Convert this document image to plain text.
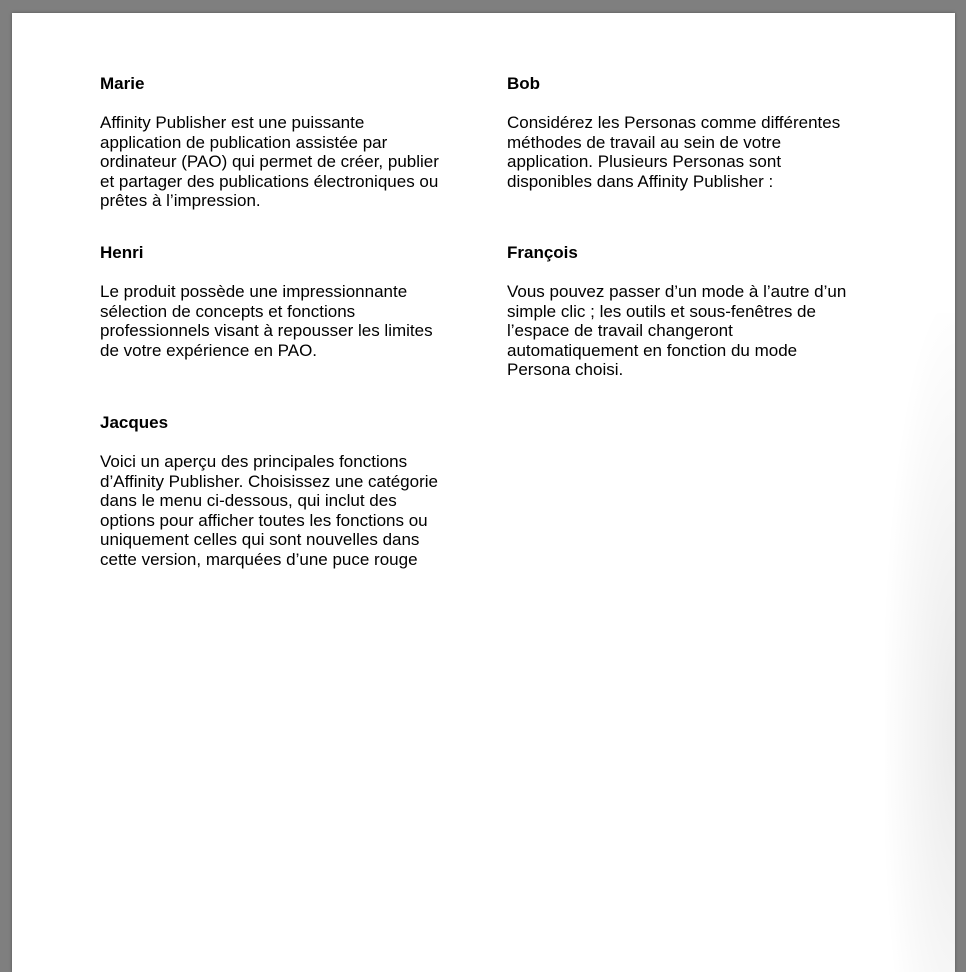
Marie

Affinity Publisher est une puissante application de publication assistée par ordinateur (PAO) qui permet de créer, publier et partager des publications électroniques ou prêtes à l’impression.

Bob

Considérez les Personas comme différentes méthodes de travail au sein de votre application. Plusieurs Personas sont disponibles dans Affinity Publisher :

Henri

Le produit possède une impressionnante sélection de concepts et fonctions professionnels visant à repousser les limites de votre expérience en PAO.

François

Vous pouvez passer d’un mode à l’autre d’un simple clic ; les outils et sous-fenêtres de l’espace de travail changeront automatiquement en fonction du mode Persona choisi.

Jacques

Voici un aperçu des principales fonctions d’Affinity Publisher. Choisissez une catégorie dans le menu ci-dessous, qui inclut des options pour afficher toutes les fonctions ou uniquement celles qui sont nouvelles dans cette version, marquées d’une puce rouge
